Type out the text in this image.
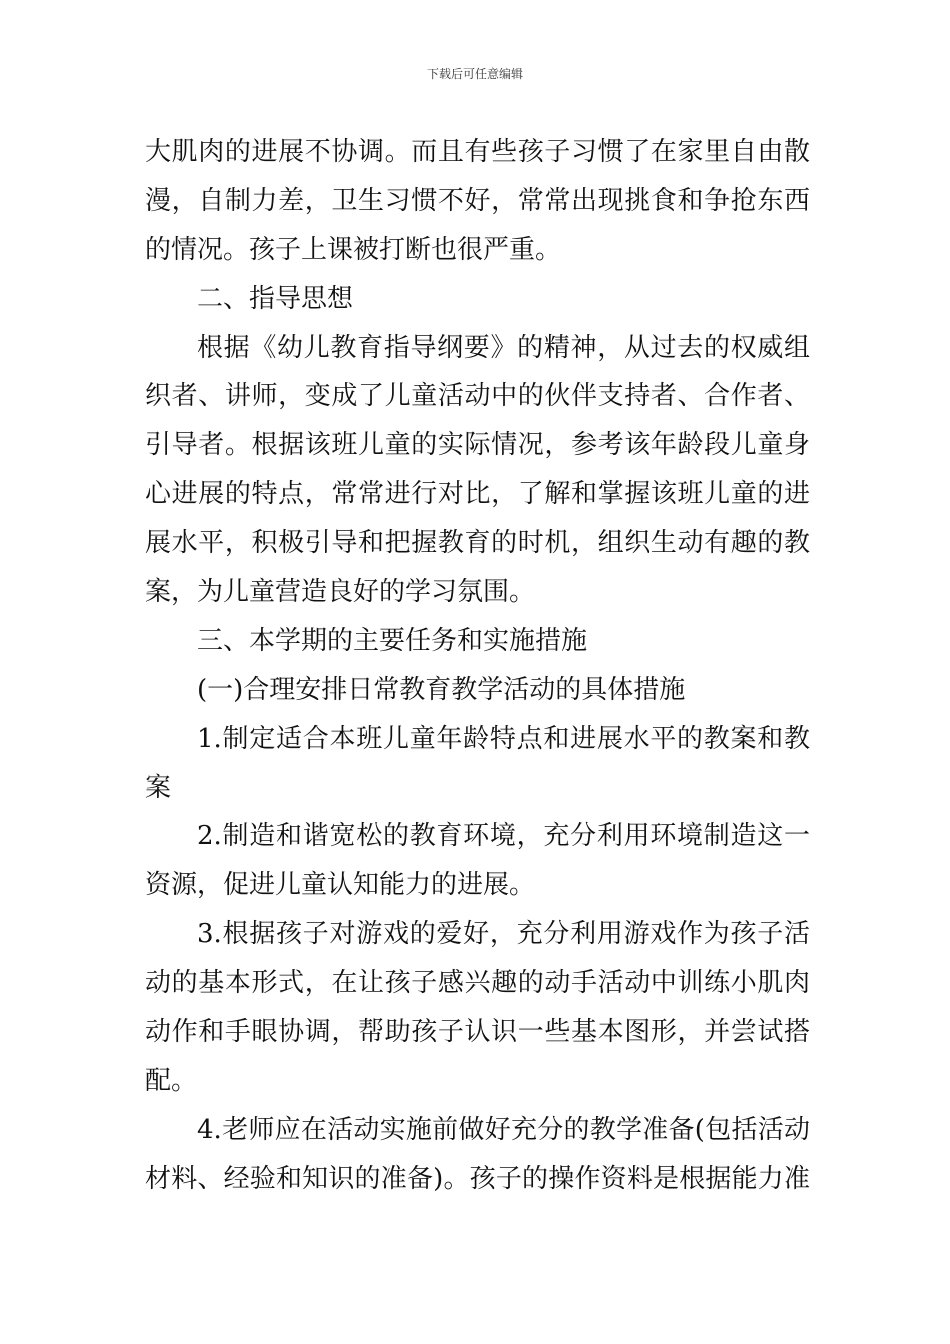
下载后可任意编辑
大肌肉的进展不协调。而且有些孩子习惯了在家里自由散
漫，自制力差，卫生习惯不好，常常出现挑食和争抢东西
的情况。孩子上课被打断也很严重。
二、指导思想
根据《幼儿教育指导纲要》的精神，从过去的权威组
织者、讲师，变成了儿童活动中的伙伴支持者、合作者、
引导者。根据该班儿童的实际情况，参考该年龄段儿童身
心进展的特点，常常进行对比，了解和掌握该班儿童的进
展水平，积极引导和把握教育的时机，组织生动有趣的教
案，为儿童营造良好的学习氛围。
三、本学期的主要任务和实施措施
(一)合理安排日常教育教学活动的具体措施
1.制定适合本班儿童年龄特点和进展水平的教案和教
案
2.制造和谐宽松的教育环境，充分利用环境制造这一
资源，促进儿童认知能力的进展。
3.根据孩子对游戏的爱好，充分利用游戏作为孩子活
动的基本形式，在让孩子感兴趣的动手活动中训练小肌肉
动作和手眼协调，帮助孩子认识一些基本图形，并尝试搭
配。
4.老师应在活动实施前做好充分的教学准备(包括活动
材料、经验和知识的准备)。孩子的操作资料是根据能力准
